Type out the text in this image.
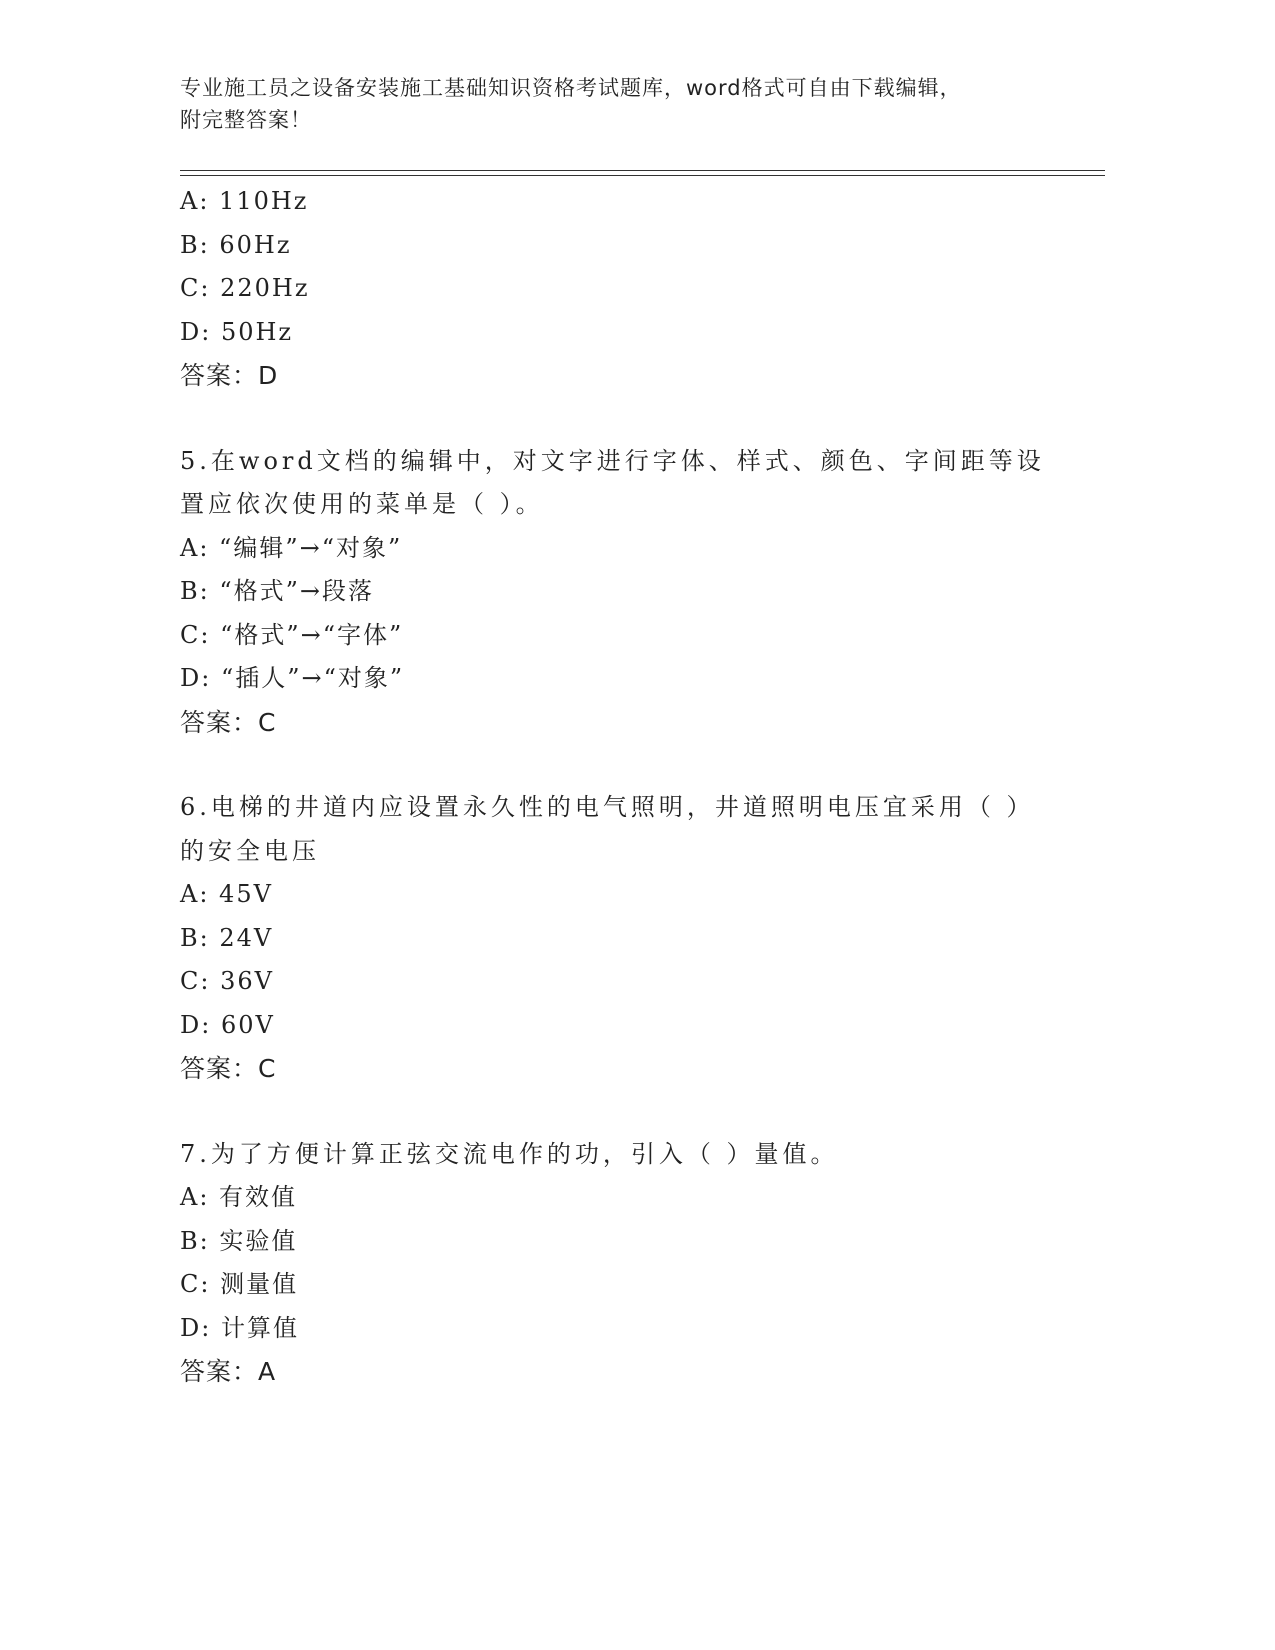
专业施工员之设备安装施工基础知识资格考试题库，word格式可自由下载编辑，
附完整答案！
A: 110Hz
B: 60Hz
C: 220Hz
D: 50Hz
答案：D
5.在word文档的编辑中，对文字进行字体、样式、颜色、字间距等设
置应依次使用的菜单是（ ）。
A: “编辑”→“对象”
B: “格式”→段落
C: “格式”→“字体”
D: “插人”→“对象”
答案：C
6.电梯的井道内应设置永久性的电气照明，井道照明电压宜采用（ ）
的安全电压
A: 45V
B: 24V
C: 36V
D: 60V
答案：C
7.为了方便计算正弦交流电作的功，引入（ ）量值。
A: 有效值
B: 实验值
C: 测量值
D: 计算值
答案：A
